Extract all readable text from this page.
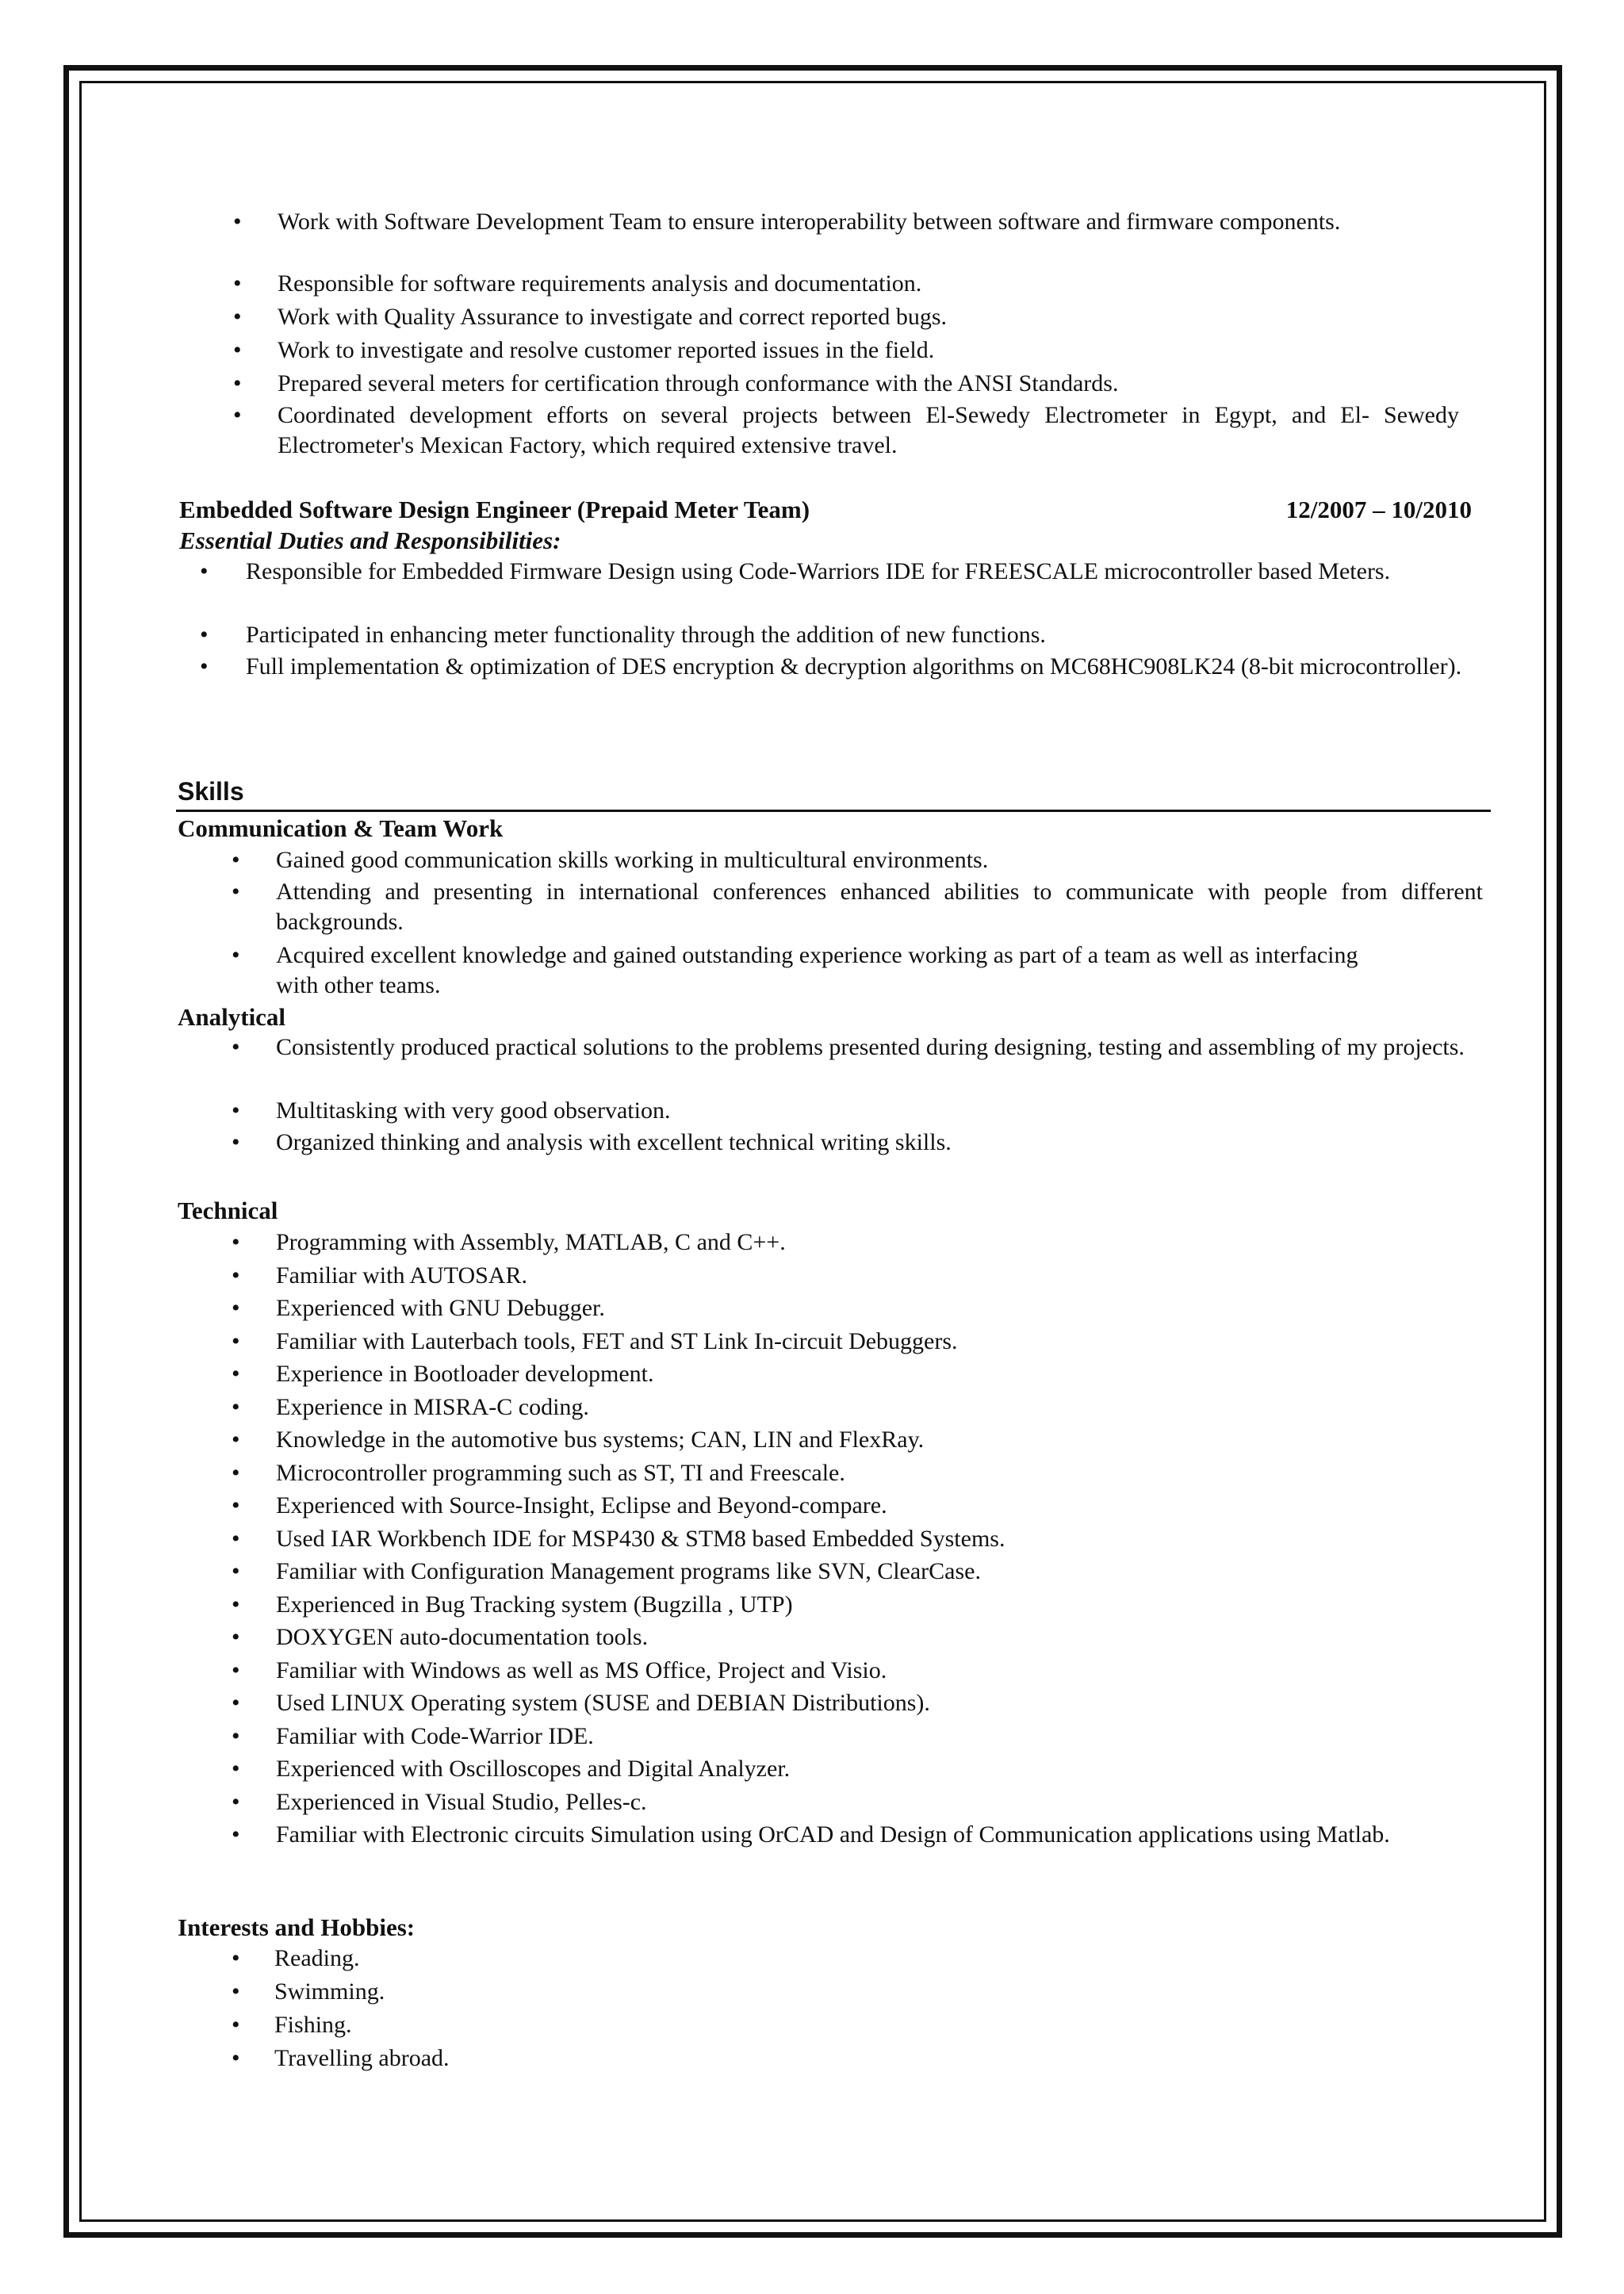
• Work with Software Development Team to ensure interoperability between software and firmware components.
• Responsible for software requirements analysis and documentation.
• Work with Quality Assurance to investigate and correct reported bugs.
• Work to investigate and resolve customer reported issues in the field.
• Prepared several meters for certification through conformance with the ANSI Standards.
• Coordinated development efforts on several projects between El-Sewedy Electrometer in Egypt, and El- Sewedy Electrometer's Mexican Factory, which required extensive travel.
Embedded Software Design Engineer (Prepaid Meter Team)	12/2007 – 10/2010
Essential Duties and Responsibilities:
• Responsible for Embedded Firmware Design using Code-Warriors IDE for FREESCALE microcontroller based Meters.
• Participated in enhancing meter functionality through the addition of new functions.
• Full implementation & optimization of DES encryption & decryption algorithms on MC68HC908LK24 (8-bit microcontroller).
Skills
Communication & Team Work
• Gained good communication skills working in multicultural environments.
• Attending and presenting in international conferences enhanced abilities to communicate with people from different backgrounds.
• Acquired excellent knowledge and gained outstanding experience working as part of a team as well as interfacing with other teams.
Analytical
• Consistently produced practical solutions to the problems presented during designing, testing and assembling of my projects.
• Multitasking with very good observation.
• Organized thinking and analysis with excellent technical writing skills.
Technical
• Programming with Assembly, MATLAB, C and C++.
• Familiar with AUTOSAR.
• Experienced with GNU Debugger.
• Familiar with Lauterbach tools, FET and ST Link In-circuit Debuggers.
• Experience in Bootloader development.
• Experience in MISRA-C coding.
• Knowledge in the automotive bus systems; CAN, LIN and FlexRay.
• Microcontroller programming such as ST, TI and Freescale.
• Experienced with Source-Insight, Eclipse and Beyond-compare.
• Used IAR Workbench IDE for MSP430 & STM8 based Embedded Systems.
• Familiar with Configuration Management programs like SVN, ClearCase.
• Experienced in Bug Tracking system (Bugzilla , UTP)
• DOXYGEN auto-documentation tools.
• Familiar with Windows as well as MS Office, Project and Visio.
• Used LINUX Operating system (SUSE and DEBIAN Distributions).
• Familiar with Code-Warrior IDE.
• Experienced with Oscilloscopes and Digital Analyzer.
• Experienced in Visual Studio, Pelles-c.
• Familiar with Electronic circuits Simulation using OrCAD and Design of Communication applications using Matlab.
Interests and Hobbies:
• Reading.
• Swimming.
• Fishing.
• Travelling abroad.
